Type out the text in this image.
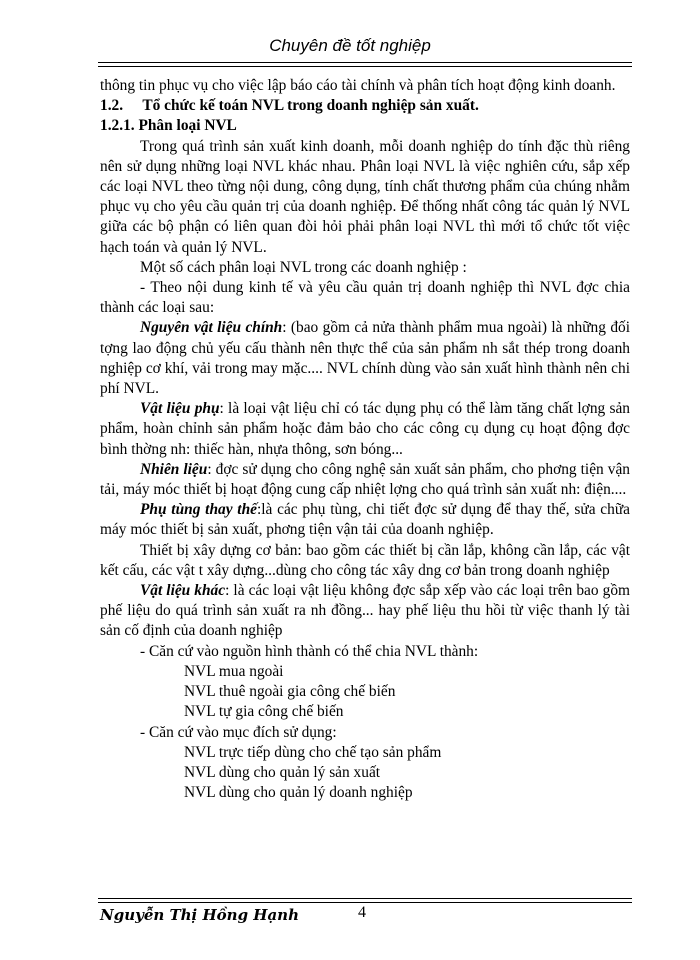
Chuyên đề tốt nghiệp

thông tin phục vụ cho việc lập báo cáo tài chính và phân tích hoạt động kinh doanh.

1.2.     Tổ chức kế toán NVL trong doanh nghiệp sản xuất.

1.2.1. Phân loại NVL

Trong quá trình sản xuất kinh doanh, mỗi doanh nghiệp do tính đặc thù riêng nên sử dụng những loại NVL khác nhau. Phân loại NVL là việc nghiên cứu, sắp xếp các loại NVL theo từng nội dung, công dụng, tính chất thương phẩm của chúng nhằm phục vụ cho yêu cầu quản trị của doanh nghiệp. Để thống nhất công tác quản lý NVL giữa các bộ phận có liên quan đòi hỏi phải phân loại NVL thì mới tổ chức tốt việc hạch toán và quản lý NVL.

Một số cách phân loại NVL trong các doanh nghiệp :

- Theo nội dung kinh tế và yêu cầu quản trị doanh nghiệp thì NVL đợc chia thành các loại sau:

Nguyên vật liệu chính: (bao gồm cả nửa thành phẩm mua ngoài) là những đối tợng lao động chủ yếu cấu thành nên thực thể của sản phẩm nh sắt thép trong doanh nghiệp cơ khí, vải trong may mặc.... NVL chính dùng vào sản xuất hình thành nên chi phí NVL.

Vật liệu phụ: là loại vật liệu chỉ có tác dụng phụ có thể làm tăng chất lợng sản phẩm, hoàn chỉnh sản phẩm hoặc đảm bảo cho các công cụ dụng cụ hoạt động đợc bình thờng nh: thiếc hàn, nhựa thông, sơn bóng...

Nhiên liệu: đợc sử dụng cho công nghệ sản xuất sản phẩm, cho phơng tiện vận tải, máy móc thiết bị hoạt động cung cấp nhiệt lợng cho quá trình sản xuất nh: điện....

Phụ tùng thay thế:là các phụ tùng, chi tiết đợc sử dụng để thay thế, sửa chữa máy móc thiết bị sản xuất, phơng tiện vận tải của doanh nghiệp.

Thiết bị xây dựng cơ bản: bao gồm các thiết bị cần lắp, không cần lắp, các vật kết cấu, các vật t xây dựng...dùng cho công tác xây dng cơ bản trong doanh nghiệp

Vật liệu khác: là các loại vật liệu không đợc sắp xếp vào các loại trên bao gồm phế liệu do quá trình sản xuất ra nh đồng... hay phế liệu thu hồi từ việc thanh lý tài sản cố định của doanh nghiệp

- Căn cứ vào nguồn hình thành có thể chia NVL thành:

NVL mua ngoài

NVL thuê ngoài gia công chế biến

NVL tự gia công chế biến

- Căn cứ vào mục đích sử dụng:

NVL trực tiếp dùng cho chế tạo sản phẩm

NVL dùng cho quản lý sản xuất

NVL dùng cho quản lý doanh nghiệp

Nguyễn Thị Hồng Hạnh	4
